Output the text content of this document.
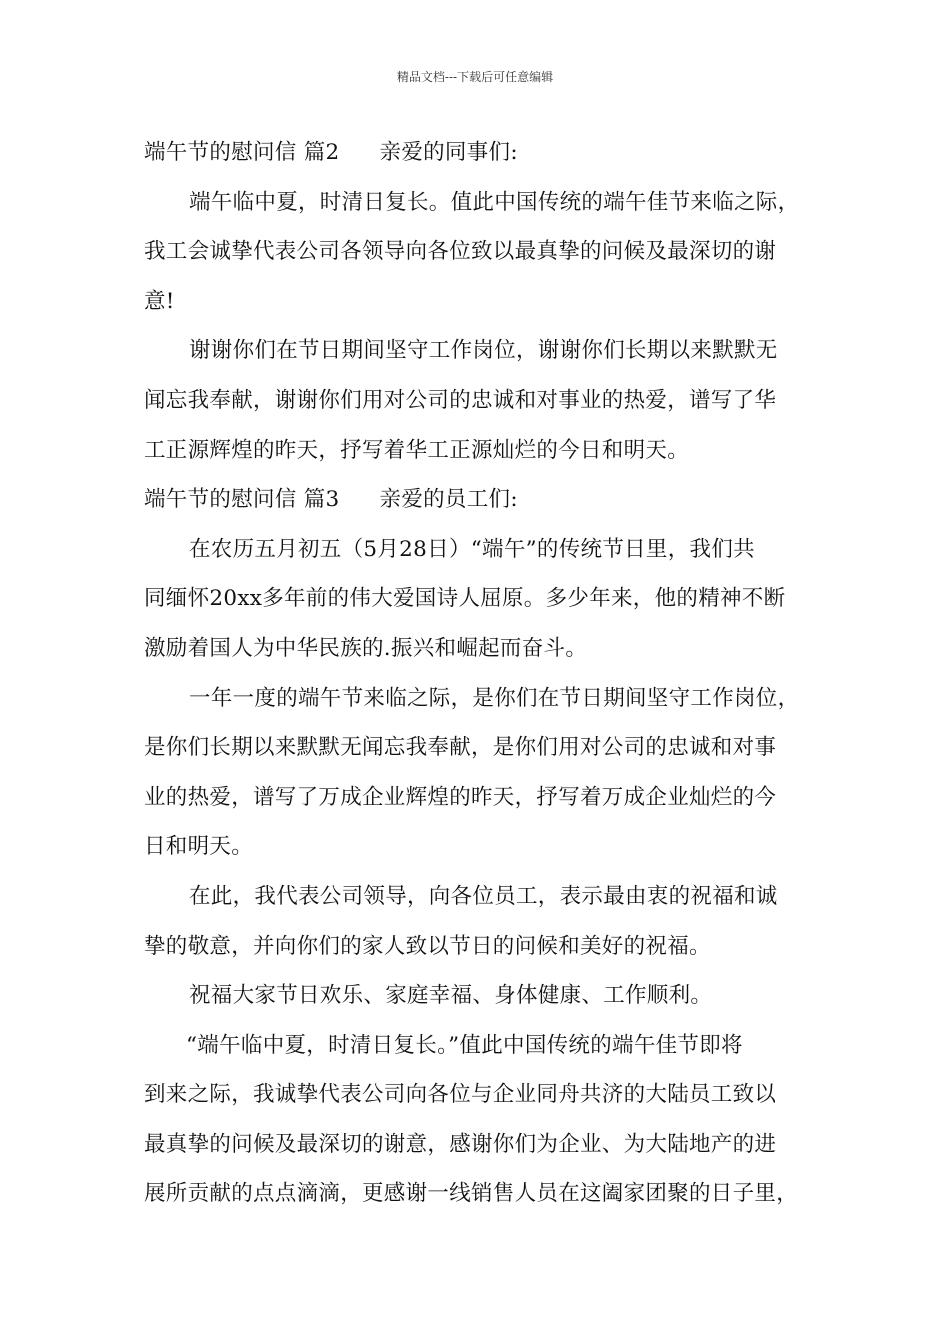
精品文档---下载后可任意编辑
端午节的慰问信 篇2 亲爱的同事们:
端午临中夏，时清日复长。值此中国传统的端午佳节来临之际，
我工会诚挚代表公司各领导向各位致以最真挚的问候及最深切的谢
意!
谢谢你们在节日期间坚守工作岗位，谢谢你们长期以来默默无
闻忘我奉献，谢谢你们用对公司的忠诚和对事业的热爱，谱写了华
工正源辉煌的昨天，抒写着华工正源灿烂的今日和明天。
端午节的慰问信 篇3 亲爱的员工们:
在农历五月初五（5月28日）“端午”的传统节日里，我们共
同缅怀20xx多年前的伟大爱国诗人屈原。多少年来，他的精神不断
激励着国人为中华民族的.振兴和崛起而奋斗。
一年一度的端午节来临之际，是你们在节日期间坚守工作岗位，
是你们长期以来默默无闻忘我奉献，是你们用对公司的忠诚和对事
业的热爱，谱写了万成企业辉煌的昨天，抒写着万成企业灿烂的今
日和明天。
在此，我代表公司领导，向各位员工，表示最由衷的祝福和诚
挚的敬意，并向你们的家人致以节日的问候和美好的祝福。
祝福大家节日欢乐、家庭幸福、身体健康、工作顺利。
“端午临中夏，时清日复长。”值此中国传统的端午佳节即将
到来之际，我诚挚代表公司向各位与企业同舟共济的大陆员工致以
最真挚的问候及最深切的谢意，感谢你们为企业、为大陆地产的进
展所贡献的点点滴滴，更感谢一线销售人员在这阖家团聚的日子里，
